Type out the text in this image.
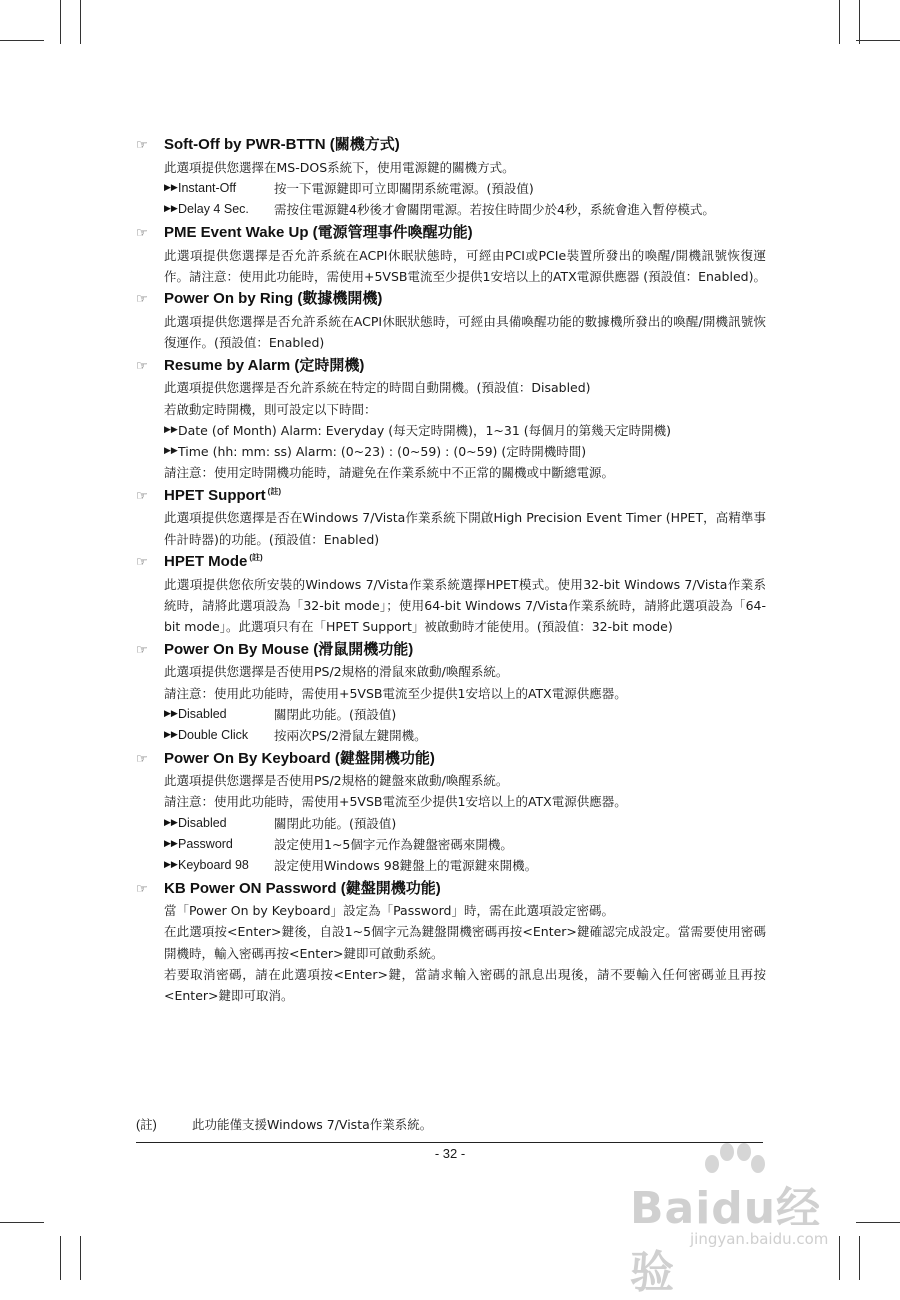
☞	Soft-Off by PWR-BTTN (關機方式)

此選項提供您選擇在MS-DOS系統下，使用電源鍵的關機方式。

▶▶ Instant-Off	按一下電源鍵即可立即關閉系統電源。(預設值)
▶▶ Delay 4 Sec.	需按住電源鍵4秒後才會關閉電源。若按住時間少於4秒，系統會進入暫停模式。
☞	PME Event Wake Up (電源管理事件喚醒功能)

此選項提供您選擇是否允許系統在ACPI休眠狀態時，可經由PCI或PCIe裝置所發出的喚醒/開機訊號恢復運作。請注意：使用此功能時，需使用+5VSB電流至少提供1安培以上的ATX電源供應器 (預設值：Enabled)。

☞	Power On by Ring (數據機開機)

此選項提供您選擇是否允許系統在ACPI休眠狀態時，可經由具備喚醒功能的數據機所發出的喚醒/開機訊號恢復運作。(預設值：Enabled)

☞	Resume by Alarm (定時開機)

此選項提供您選擇是否允許系統在特定的時間自動開機。(預設值：Disabled)

若啟動定時開機，則可設定以下時間：

▶▶ Date (of Month) Alarm: Everyday (每天定時開機)，1~31 (每個月的第幾天定時開機)
▶▶ Time (hh: mm: ss) Alarm: (0~23) : (0~59) : (0~59) (定時開機時間)

請注意：使用定時開機功能時，請避免在作業系統中不正常的關機或中斷總電源。

☞	HPET Support $^{(註)}$

此選項提供您選擇是否在Windows 7/Vista作業系統下開啟High Precision Event Timer (HPET，高精準事件計時器)的功能。(預設值：Enabled)

☞	HPET Mode $^{(註)}$

此選項提供您依所安裝的Windows 7/Vista作業系統選擇HPET模式。使用32-bit Windows 7/Vista作業系統時，請將此選項設為「32-bit mode」；使用64-bit Windows 7/Vista作業系統時，請將此選項設為「64-bit mode」。此選項只有在「HPET Support」被啟動時才能使用。(預設值：32-bit mode)

☞	Power On By Mouse (滑鼠開機功能)

此選項提供您選擇是否使用PS/2規格的滑鼠來啟動/喚醒系統。

請注意：使用此功能時，需使用+5VSB電流至少提供1安培以上的ATX電源供應器。

▶▶ Disabled	關閉此功能。(預設值)
▶▶ Double Click	按兩次PS/2滑鼠左鍵開機。
☞	Power On By Keyboard (鍵盤開機功能)

此選項提供您選擇是否使用PS/2規格的鍵盤來啟動/喚醒系統。

請注意：使用此功能時，需使用+5VSB電流至少提供1安培以上的ATX電源供應器。

▶▶ Disabled	關閉此功能。(預設值)
▶▶ Password	設定使用1~5個字元作為鍵盤密碼來開機。
▶▶ Keyboard 98	設定使用Windows 98鍵盤上的電源鍵來開機。
☞	KB Power ON Password (鍵盤開機功能)

當「Power On by Keyboard」設定為「Password」時，需在此選項設定密碼。

在此選項按<Enter>鍵後，自設1~5個字元為鍵盤開機密碼再按<Enter>鍵確認完成設定。當需要使用密碼開機時，輸入密碼再按<Enter>鍵即可啟動系統。

若要取消密碼，請在此選項按<Enter>鍵，當請求輸入密碼的訊息出現後，請不要輸入任何密碼並且再按<Enter>鍵即可取消。

(註)	此功能僅支援Windows 7/Vista作業系統。
- 32 -
Baidu经验
jingyan.baidu.com
